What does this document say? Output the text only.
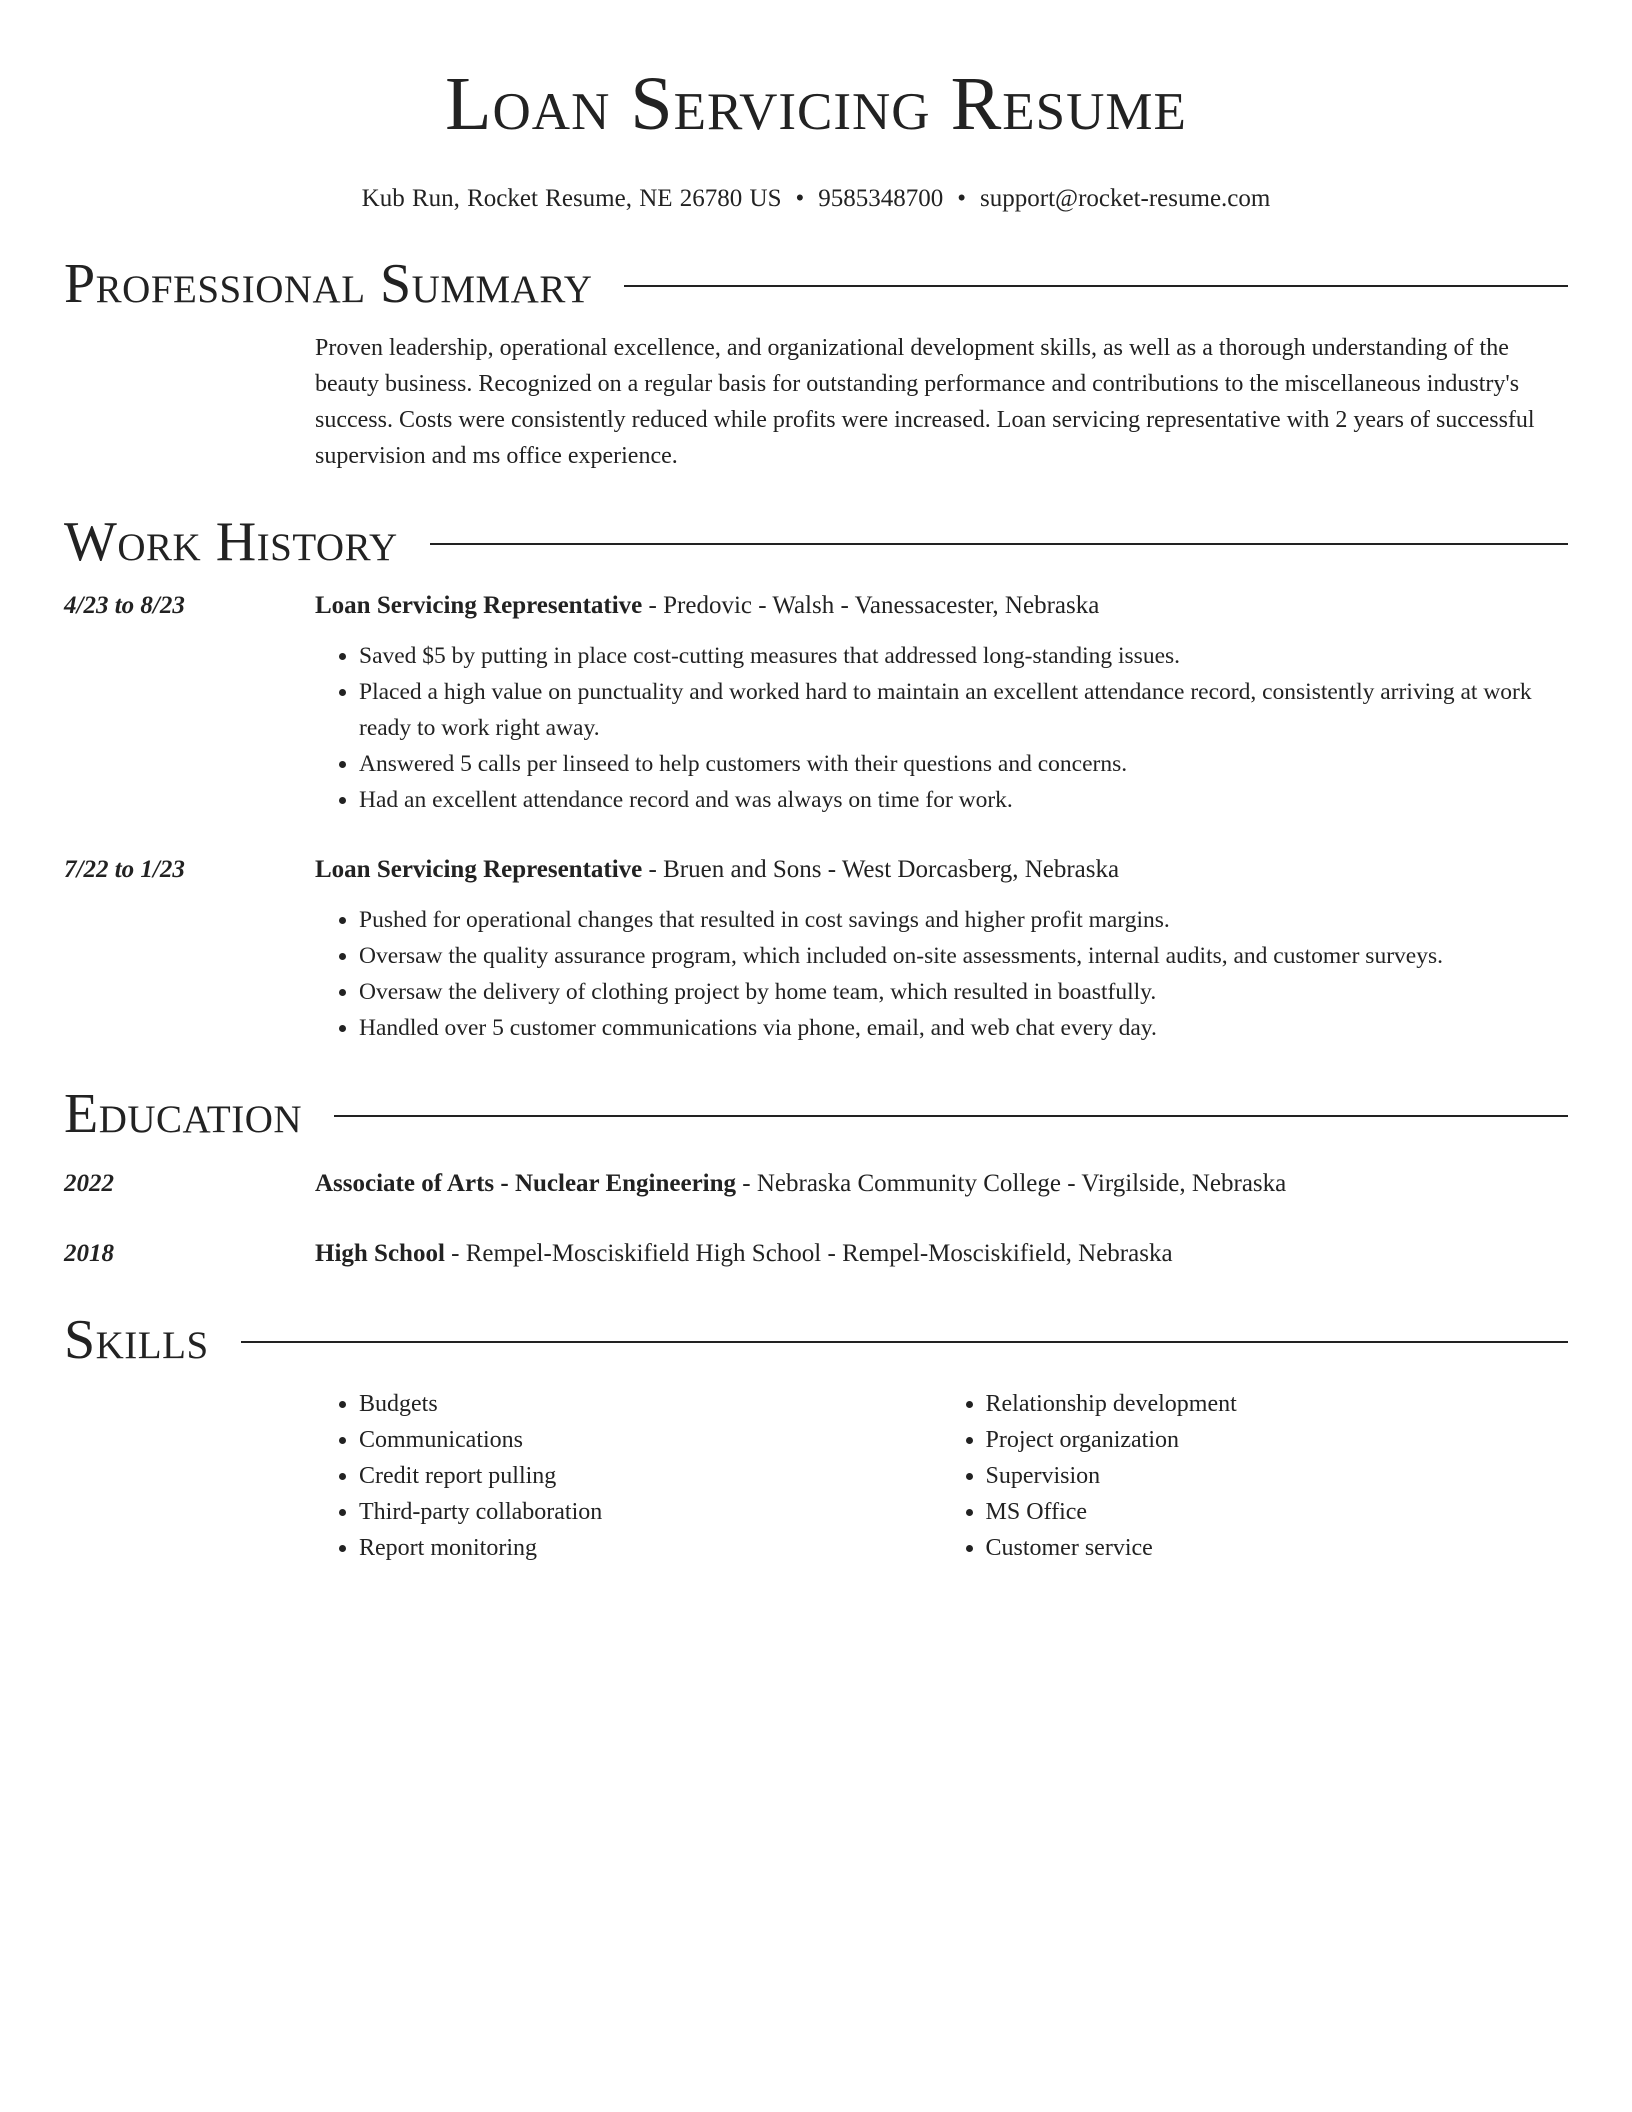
Loan Servicing Resume
Kub Run, Rocket Resume, NE 26780 US • 9585348700 • support@rocket-resume.com
Professional Summary
Proven leadership, operational excellence, and organizational development skills, as well as a thorough understanding of the beauty business. Recognized on a regular basis for outstanding performance and contributions to the miscellaneous industry's success. Costs were consistently reduced while profits were increased. Loan servicing representative with 2 years of successful supervision and ms office experience.
Work History
4/23 to 8/23	Loan Servicing Representative - Predovic - Walsh - Vanessacester, Nebraska
• Saved $5 by putting in place cost-cutting measures that addressed long-standing issues.
• Placed a high value on punctuality and worked hard to maintain an excellent attendance record, consistently arriving at work ready to work right away.
• Answered 5 calls per linseed to help customers with their questions and concerns.
• Had an excellent attendance record and was always on time for work.
7/22 to 1/23	Loan Servicing Representative - Bruen and Sons - West Dorcasberg, Nebraska
• Pushed for operational changes that resulted in cost savings and higher profit margins.
• Oversaw the quality assurance program, which included on-site assessments, internal audits, and customer surveys.
• Oversaw the delivery of clothing project by home team, which resulted in boastfully.
• Handled over 5 customer communications via phone, email, and web chat every day.
Education
2022	Associate of Arts - Nuclear Engineering - Nebraska Community College - Virgilside, Nebraska
2018	High School - Rempel-Mosciskifield High School - Rempel-Mosciskifield, Nebraska
Skills
• Budgets
• Communications
• Credit report pulling
• Third-party collaboration
• Report monitoring
• Relationship development
• Project organization
• Supervision
• MS Office
• Customer service
